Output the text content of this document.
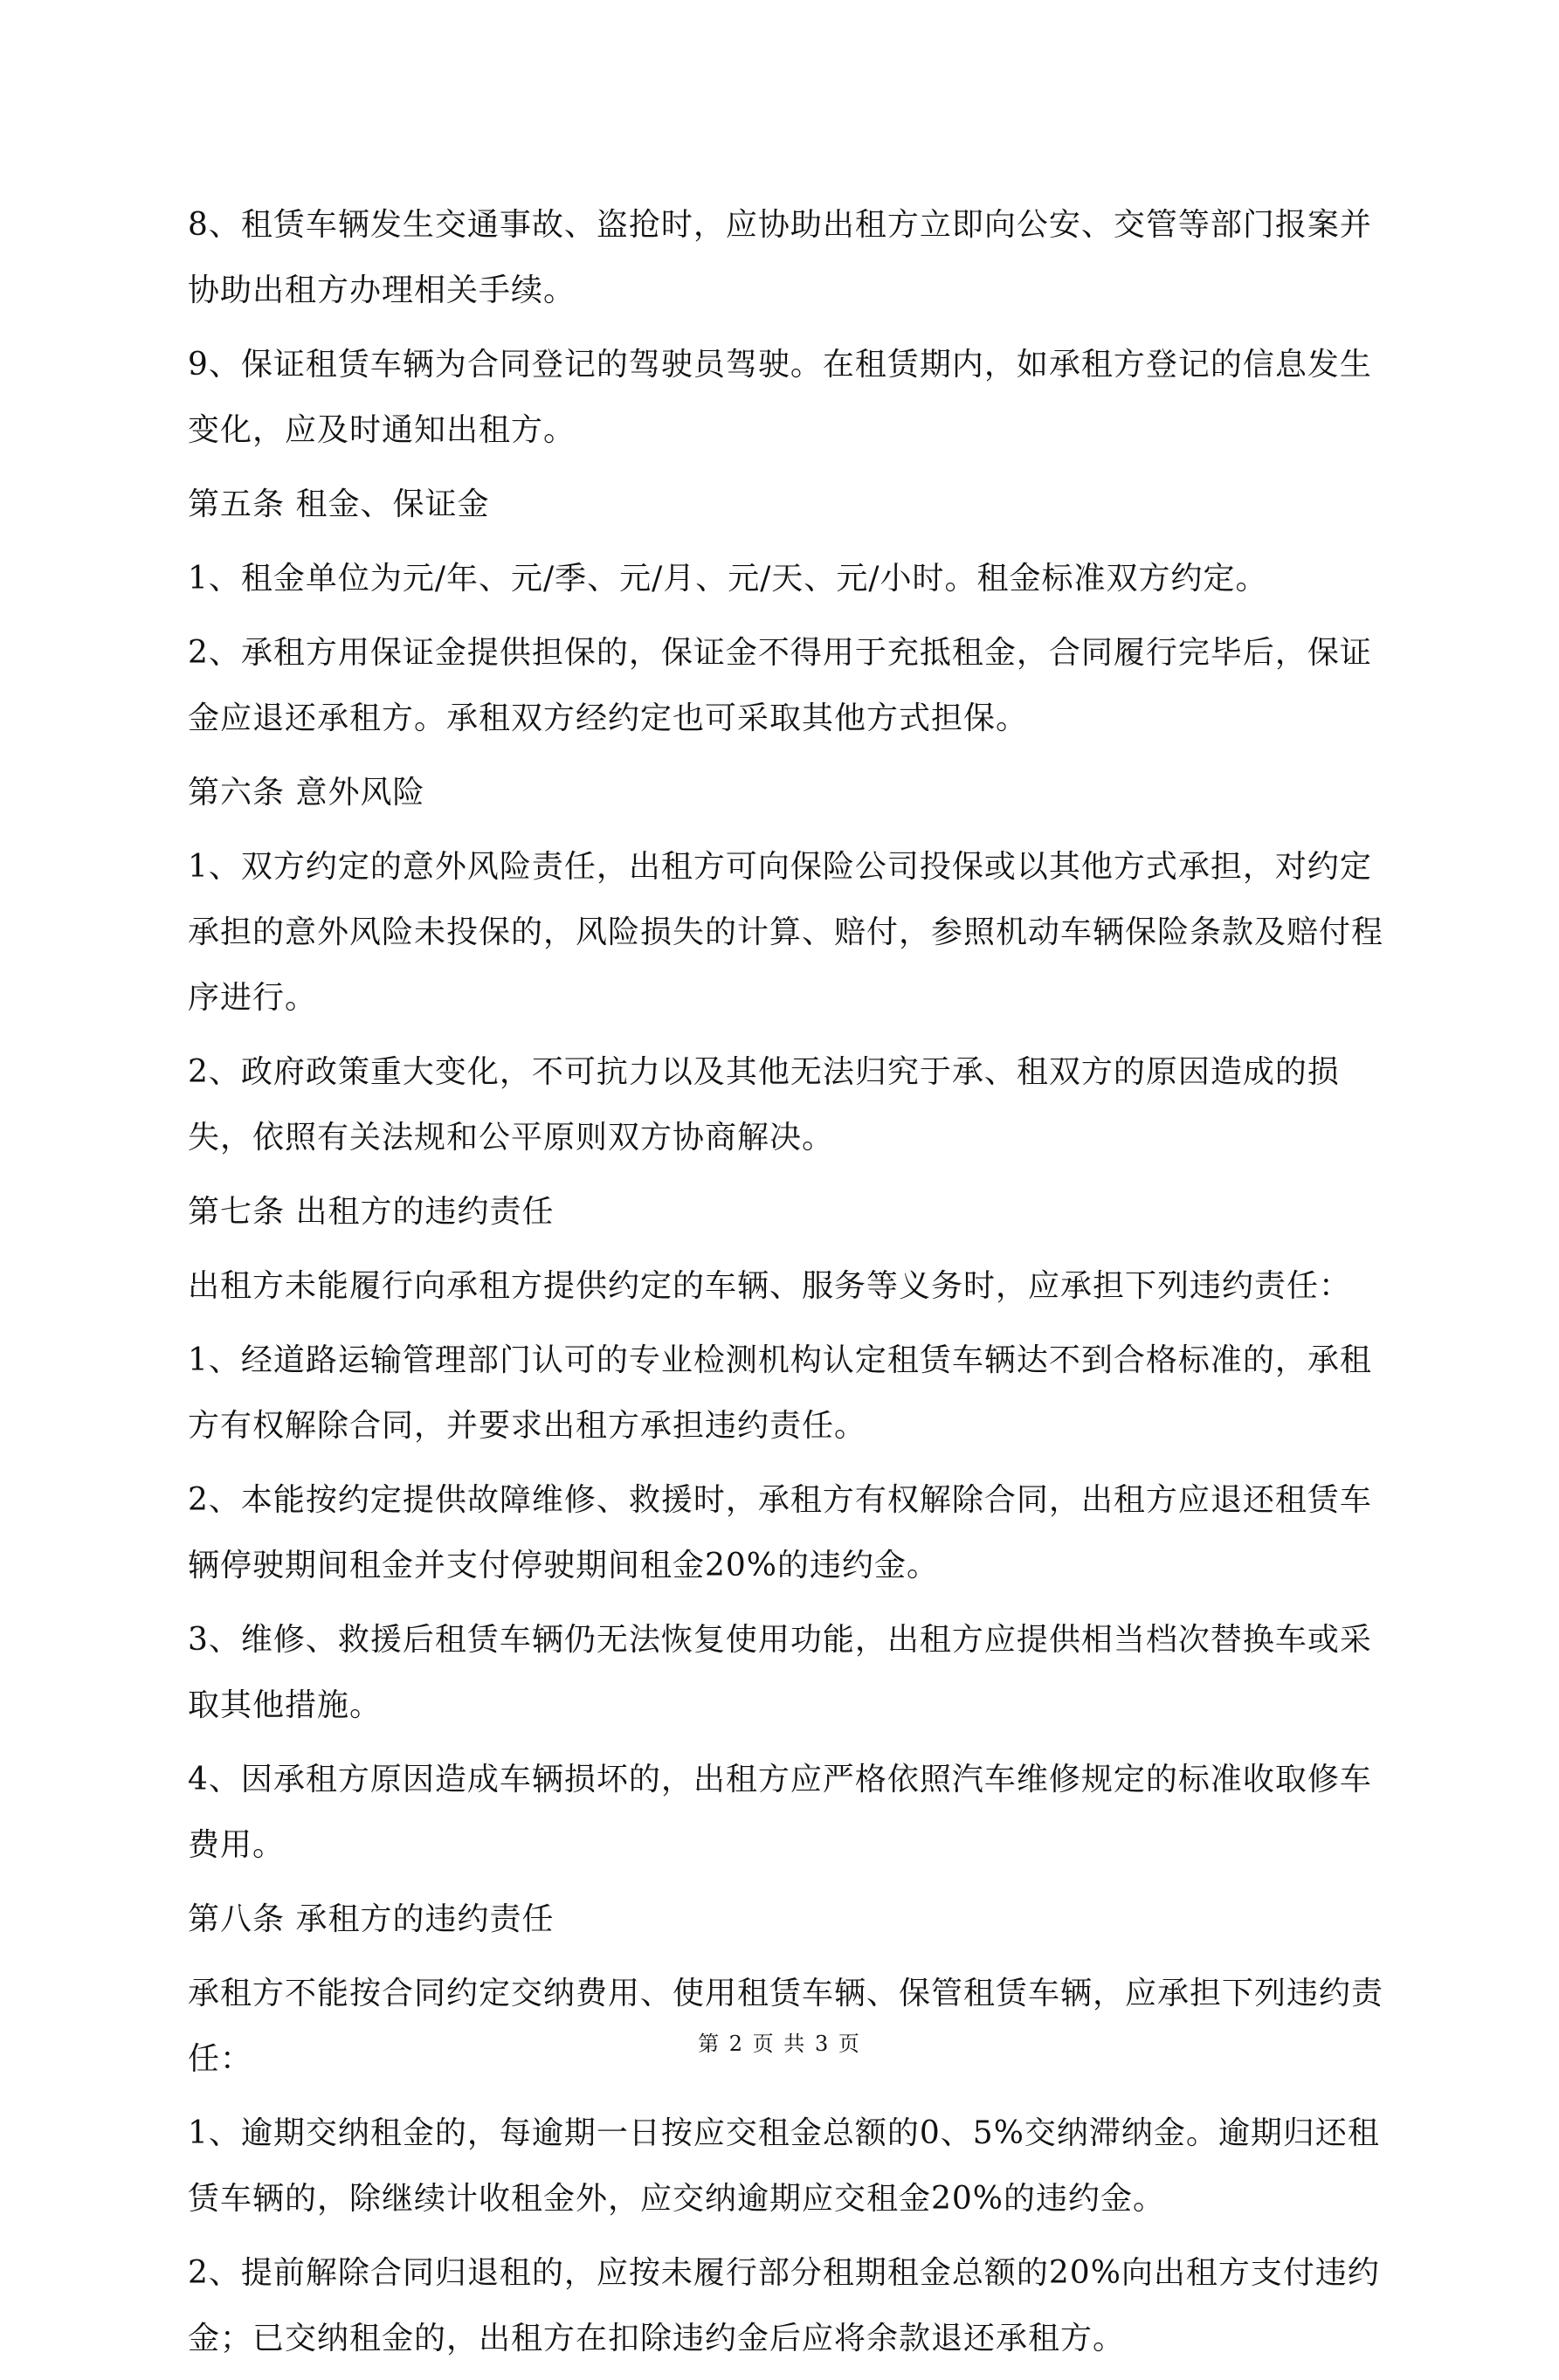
8、租赁车辆发生交通事故、盗抢时，应协助出租方立即向公安、交管等部门报案并协助出租方办理相关手续。

9、保证租赁车辆为合同登记的驾驶员驾驶。在租赁期内，如承租方登记的信息发生变化，应及时通知出租方。

第五条 租金、保证金

1、租金单位为元/年、元/季、元/月、元/天、元/小时。租金标准双方约定。

2、承租方用保证金提供担保的，保证金不得用于充抵租金，合同履行完毕后，保证金应退还承租方。承租双方经约定也可采取其他方式担保。

第六条 意外风险

1、双方约定的意外风险责任，出租方可向保险公司投保或以其他方式承担，对约定承担的意外风险未投保的，风险损失的计算、赔付，参照机动车辆保险条款及赔付程序进行。

2、政府政策重大变化，不可抗力以及其他无法归究于承、租双方的原因造成的损失，依照有关法规和公平原则双方协商解决。

第七条 出租方的违约责任

出租方未能履行向承租方提供约定的车辆、服务等义务时，应承担下列违约责任：

1、经道路运输管理部门认可的专业检测机构认定租赁车辆达不到合格标准的，承租方有权解除合同，并要求出租方承担违约责任。

2、本能按约定提供故障维修、救援时，承租方有权解除合同，出租方应退还租赁车辆停驶期间租金并支付停驶期间租金20%的违约金。

3、维修、救援后租赁车辆仍无法恢复使用功能，出租方应提供相当档次替换车或采取其他措施。

4、因承租方原因造成车辆损坏的，出租方应严格依照汽车维修规定的标准收取修车费用。

第八条 承租方的违约责任

承租方不能按合同约定交纳费用、使用租赁车辆、保管租赁车辆，应承担下列违约责任：

1、逾期交纳租金的，每逾期一日按应交租金总额的0、5%交纳滞纳金。逾期归还租赁车辆的，除继续计收租金外，应交纳逾期应交租金20%的违约金。

2、提前解除合同归退租的，应按未履行部分租期租金总额的20%向出租方支付违约金；已交纳租金的，出租方在扣除违约金后应将余款退还承租方。

第 2 页 共 3 页
